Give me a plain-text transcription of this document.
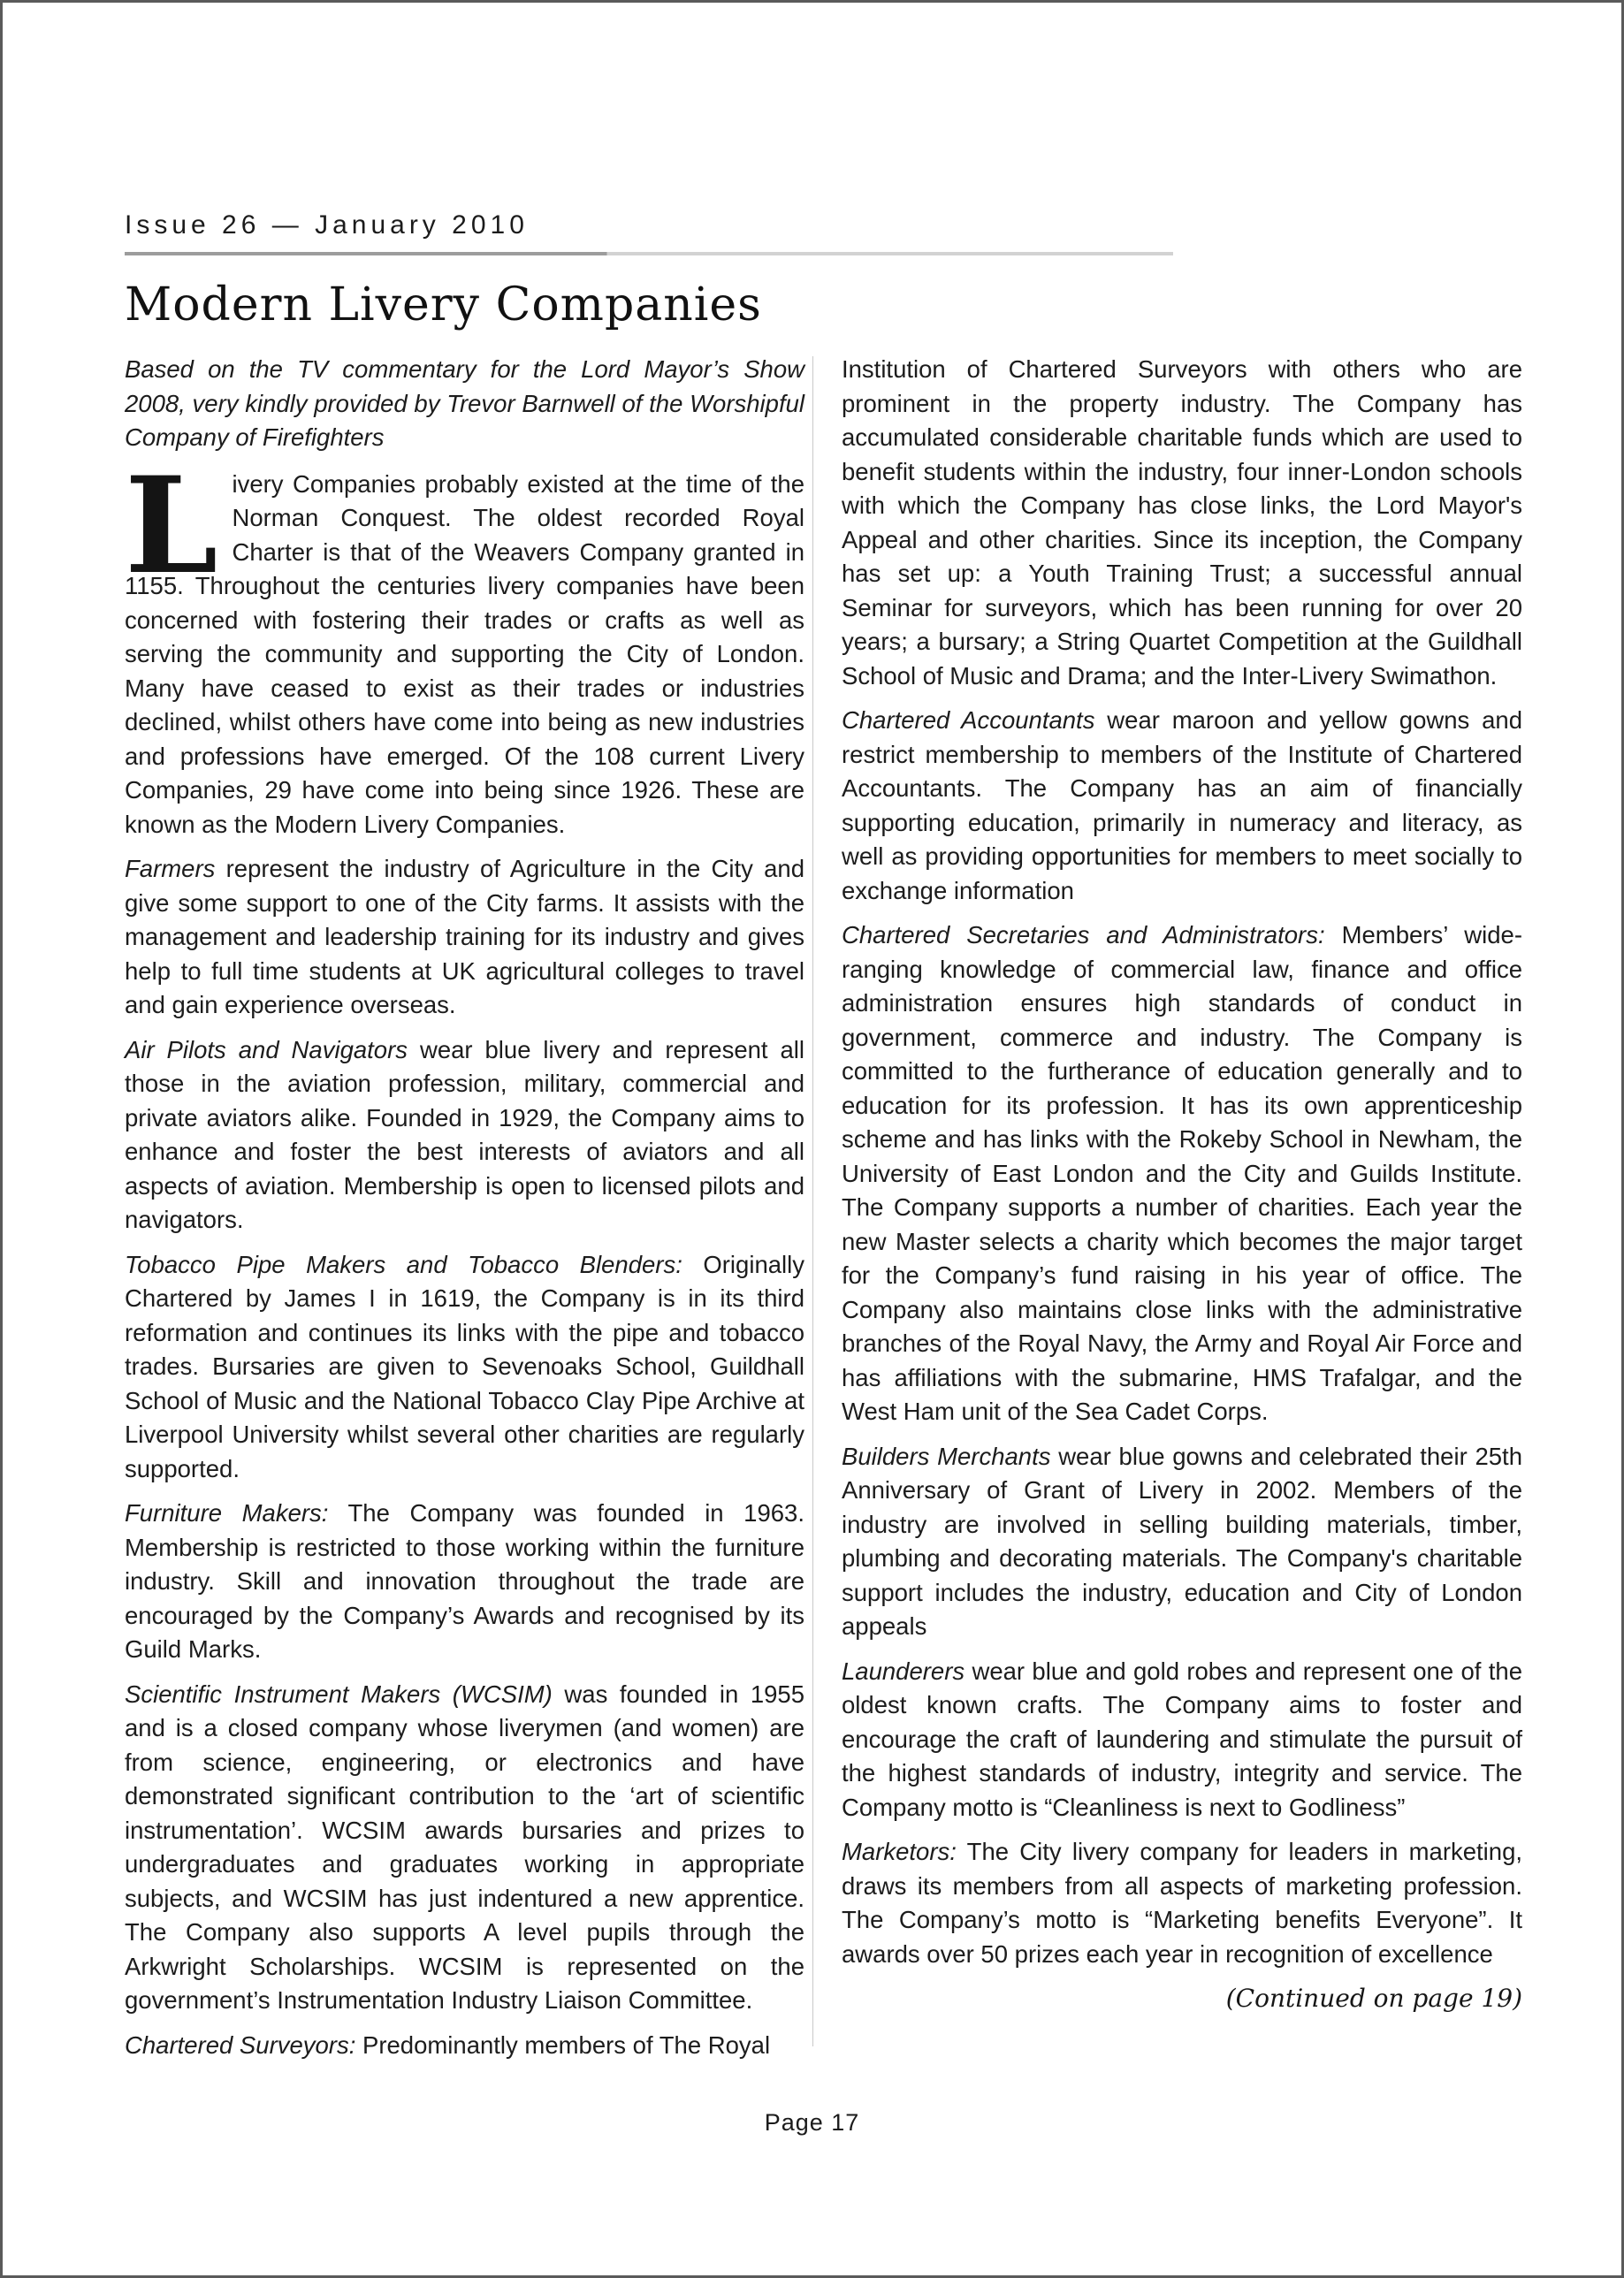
Issue 26 — January 2010
Modern Livery Companies

Based on the TV commentary for the Lord Mayor’s Show 2008, very kindly provided by Trevor Barnwell of the Worshipful Company of Firefighters

Livery Companies probably existed at the time of the Norman Conquest. The oldest recorded Royal Charter is that of the Weavers Company granted in 1155. Throughout the centuries livery companies have been concerned with fostering their trades or crafts as well as serving the community and supporting the City of London. Many have ceased to exist as their trades or industries declined, whilst others have come into being as new industries and professions have emerged. Of the 108 current Livery Companies, 29 have come into being since 1926. These are known as the Modern Livery Companies.

Farmers represent the industry of Agriculture in the City and give some support to one of the City farms. It assists with the management and leadership training for its industry and gives help to full time students at UK agricultural colleges to travel and gain experience overseas.

Air Pilots and Navigators wear blue livery and represent all those in the aviation profession, military, commercial and private aviators alike. Founded in 1929, the Company aims to enhance and foster the best interests of aviators and all aspects of aviation. Membership is open to licensed pilots and navigators.

Tobacco Pipe Makers and Tobacco Blenders: Originally Chartered by James I in 1619, the Company is in its third reformation and continues its links with the pipe and tobacco trades. Bursaries are given to Sevenoaks School, Guildhall School of Music and the National Tobacco Clay Pipe Archive at Liverpool University whilst several other charities are regularly supported.

Furniture Makers: The Company was founded in 1963. Membership is restricted to those working within the furniture industry. Skill and innovation throughout the trade are encouraged by the Company’s Awards and recognised by its Guild Marks.

Scientific Instrument Makers (WCSIM) was founded in 1955 and is a closed company whose liverymen (and women) are from science, engineering, or electronics and have demonstrated significant contribution to the ‘art of scientific instrumentation’. WCSIM awards bursaries and prizes to undergraduates and graduates working in appropriate subjects, and WCSIM has just indentured a new apprentice. The Company also supports A level pupils through the Arkwright Scholarships. WCSIM is represented on the government’s Instrumentation Industry Liaison Committee.

Chartered Surveyors: Predominantly members of The Royal

Institution of Chartered Surveyors with others who are prominent in the property industry. The Company has accumulated considerable charitable funds which are used to benefit students within the industry, four inner-London schools with which the Company has close links, the Lord Mayor's Appeal and other charities. Since its inception, the Company has set up: a Youth Training Trust; a successful annual Seminar for surveyors, which has been running for over 20 years; a bursary; a String Quartet Competition at the Guildhall School of Music and Drama; and the Inter-Livery Swimathon.

Chartered Accountants wear maroon and yellow gowns and restrict membership to members of the Institute of Chartered Accountants. The Company has an aim of financially supporting education, primarily in numeracy and literacy, as well as providing opportunities for members to meet socially to exchange information

Chartered Secretaries and Administrators: Members’ wide-ranging knowledge of commercial law, finance and office administration ensures high standards of conduct in government, commerce and industry. The Company is committed to the furtherance of education generally and to education for its profession. It has its own apprenticeship scheme and has links with the Rokeby School in Newham, the University of East London and the City and Guilds Institute. The Company supports a number of charities. Each year the new Master selects a charity which becomes the major target for the Company’s fund raising in his year of office. The Company also maintains close links with the administrative branches of the Royal Navy, the Army and Royal Air Force and has affiliations with the submarine, HMS Trafalgar, and the West Ham unit of the Sea Cadet Corps.

Builders Merchants wear blue gowns and celebrated their 25th Anniversary of Grant of Livery in 2002. Members of the industry are involved in selling building materials, timber, plumbing and decorating materials. The Company's charitable support includes the industry, education and City of London appeals

Launderers wear blue and gold robes and represent one of the oldest known crafts. The Company aims to foster and encourage the craft of laundering and stimulate the pursuit of the highest standards of industry, integrity and service. The Company motto is “Cleanliness is next to Godliness”

Marketors: The City livery company for leaders in marketing, draws its members from all aspects of marketing profession. The Company’s motto is “Marketing benefits Everyone”. It awards over 50 prizes each year in recognition of excellence

(Continued on page 19)
Page 17
